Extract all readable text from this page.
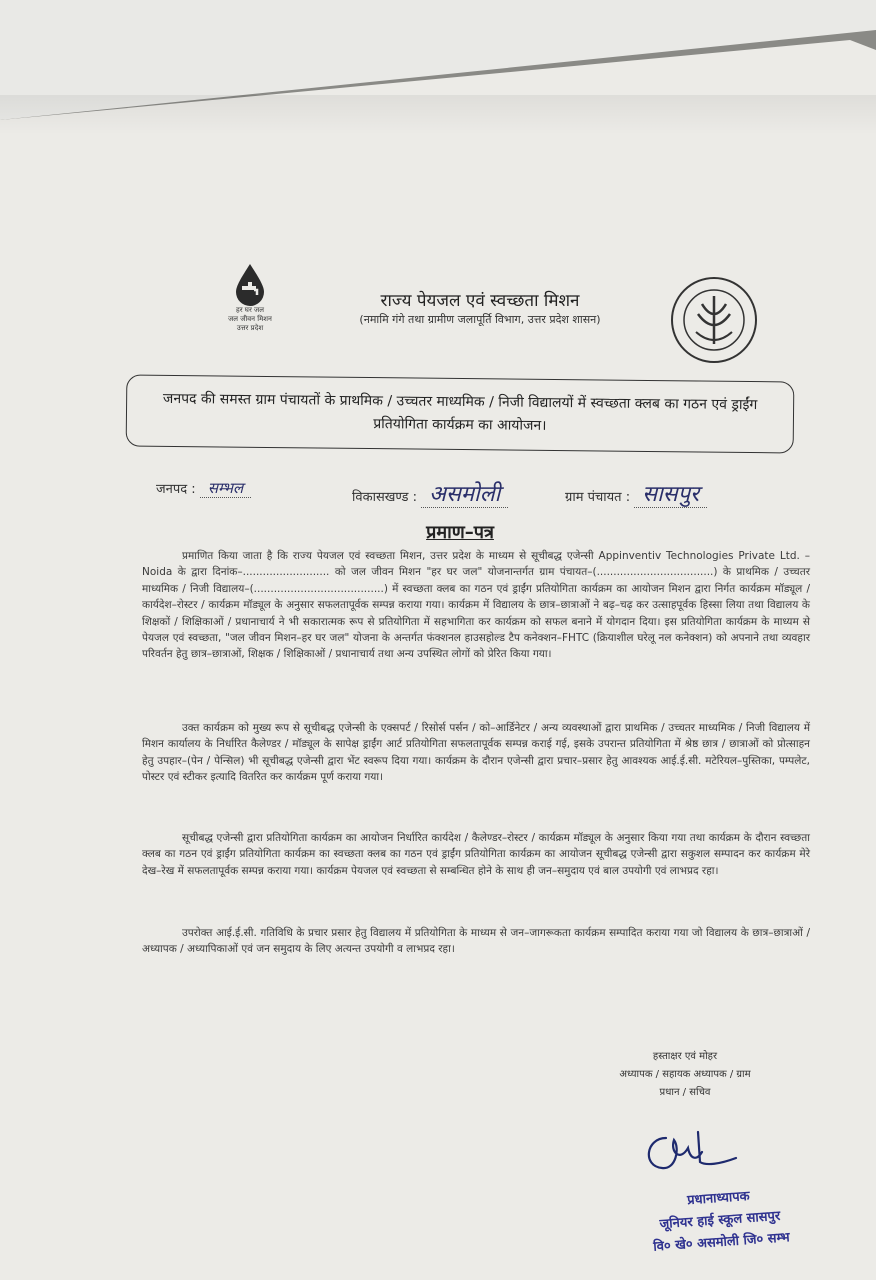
हर घर जल
जल जीवन मिशन
उत्तर प्रदेश
राज्य पेयजल एवं स्वच्छता मिशन
(नमामि गंगे तथा ग्रामीण जलापूर्ति विभाग, उत्तर प्रदेश शासन)
जनपद की समस्त ग्राम पंचायतों के प्राथमिक / उच्चतर माध्यमिक / निजी विद्यालयों में स्वच्छता क्लब का गठन एवं ड्राईंग प्रतियोगिता कार्यक्रम का आयोजन।
जनपद : सम्भल
विकासखण्ड : असमोली	ग्राम पंचायत : सासपुर
प्रमाण–पत्र
प्रमाणित किया जाता है कि राज्य पेयजल एवं स्वच्छता मिशन, उत्तर प्रदेश के माध्यम से सूचीबद्ध एजेन्सी Appinventiv Technologies Private Ltd. – Noida के द्वारा दिनांक–.......................... को जल जीवन मिशन "हर घर जल" योजनान्तर्गत ग्राम पंचायत–(...................................) के प्राथमिक / उच्चतर माध्यमिक / निजी विद्यालय–(.......................................) में स्वच्छता क्लब का गठन एवं ड्राईंग प्रतियोगिता कार्यक्रम का आयोजन मिशन द्वारा निर्गत कार्यक्रम मॉड्यूल / कार्यदेश–रोस्टर / कार्यक्रम मॉड्यूल के अनुसार सफलतापूर्वक सम्पन्न कराया गया। कार्यक्रम में विद्यालय के छात्र–छात्राओं ने बढ़–चढ़ कर उत्साहपूर्वक हिस्सा लिया तथा विद्यालय के शिक्षकों / शिक्षिकाओं / प्रधानाचार्य ने भी सकारात्मक रूप से प्रतियोगिता में सहभागिता कर कार्यक्रम को सफल बनाने में योगदान दिया। इस प्रतियोगिता कार्यक्रम के माध्यम से पेयजल एवं स्वच्छता, "जल जीवन मिशन–हर घर जल" योजना के अन्तर्गत फंक्शनल हाउसहोल्ड टैप कनेक्शन–FHTC (क्रियाशील घरेलू नल कनेक्शन) को अपनाने तथा व्यवहार परिवर्तन हेतु छात्र–छात्राओं, शिक्षक / शिक्षिकाओं / प्रधानाचार्य तथा अन्य उपस्थित लोगों को प्रेरित किया गया।
उक्त कार्यक्रम को मुख्य रूप से सूचीबद्ध एजेन्सी के एक्सपर्ट / रिसोर्स पर्सन / को–आर्डिनेटर / अन्य व्यवस्थाओं द्वारा प्राथमिक / उच्चतर माध्यमिक / निजी विद्यालय में मिशन कार्यालय के निर्धारित कैलेण्डर / मॉड्यूल के सापेक्ष ड्राईंग आर्ट प्रतियोगिता सफलतापूर्वक सम्पन्न कराई गई, इसके उपरान्त प्रतियोगिता में श्रेष्ठ छात्र / छात्राओं को प्रोत्साहन हेतु उपहार–(पेन / पेन्सिल) भी सूचीबद्ध एजेन्सी द्वारा भेंट स्वरूप दिया गया। कार्यक्रम के दौरान एजेन्सी द्वारा प्रचार–प्रसार हेतु आवश्यक आई.ई.सी. मटेरियल–पुस्तिका, पम्पलेट, पोस्टर एवं स्टीकर इत्यादि वितरित कर कार्यक्रम पूर्ण कराया गया।
सूचीबद्ध एजेन्सी द्वारा प्रतियोगिता कार्यक्रम का आयोजन निर्धारित कार्यदेश / कैलेण्डर–रोस्टर / कार्यक्रम मॉड्यूल के अनुसार किया गया तथा कार्यक्रम के दौरान स्वच्छता क्लब का गठन एवं ड्राईंग प्रतियोगिता कार्यक्रम का स्वच्छता क्लब का गठन एवं ड्राईंग प्रतियोगिता कार्यक्रम का आयोजन सूचीबद्ध एजेन्सी द्वारा सकुशल सम्पादन कर कार्यक्रम मेरे देख–रेख में सफलतापूर्वक सम्पन्न कराया गया। कार्यक्रम पेयजल एवं स्वच्छता से सम्बन्धित होने के साथ ही जन–समुदाय एवं बाल उपयोगी एवं लाभप्रद रहा।
उपरोक्त आई.ई.सी. गतिविधि के प्रचार प्रसार हेतु विद्यालय में प्रतियोगिता के माध्यम से जन–जागरूकता कार्यक्रम सम्पादित कराया गया जो विद्यालय के छात्र–छात्राओं / अध्यापक / अध्यापिकाओं एवं जन समुदाय के लिए अत्यन्त उपयोगी व लाभप्रद रहा।
हस्ताक्षर एवं मोहर
अध्यापक / सहायक अध्यापक / ग्राम
प्रधान / सचिव
प्रधानाध्यापक
जूनियर हाई स्कूल सासपुर
वि० खे० असमोली जि० सम्भ
